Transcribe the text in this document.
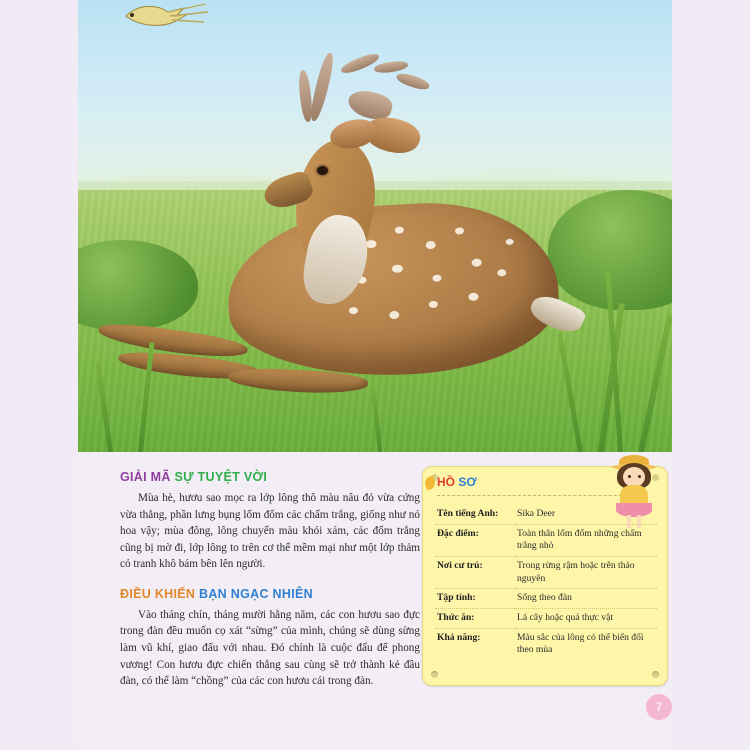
GIẢI MÃ SỰ TUYỆT VỜI

Mùa hè, hươu sao mọc ra lớp lông thô màu nâu đỏ vừa cứng vừa thẳng, phần lưng bụng lốm đốm các chấm trắng, giống như nó hoa vậy; mùa đông, lông chuyển màu khói xám, các đốm trắng cũng bị mờ đi, lớp lông to trên cơ thể mềm mại như một lớp thảm cỏ tranh khô bám bên lên người.

ĐIỀU KHIẾN BẠN NGẠC NHIÊN

Vào tháng chín, tháng mười hằng năm, các con hươu sao đực trong đàn đều muốn cọ xát “sừng” của mình, chúng sẽ dùng sừng làm vũ khí, giao đấu với nhau. Đó chính là cuộc đấu để phong vương! Con hươu đực chiến thắng sau cùng sẽ trở thành kẻ đầu đàn, có thể làm “chồng” của các con hươu cái trong đàn.

HỒ SƠ
Tên tiếng Anh:	Sika Deer
Đặc điểm:	Toàn thân lốm đốm những chấm trắng nhỏ
Nơi cư trú:	Trong rừng rậm hoặc trên thảo nguyên
Tập tính:	Sống theo đàn
Thức ăn:	Lá cây hoặc quả thực vật
Khả năng:	Màu sắc của lông có thể biến đổi theo mùa
7
